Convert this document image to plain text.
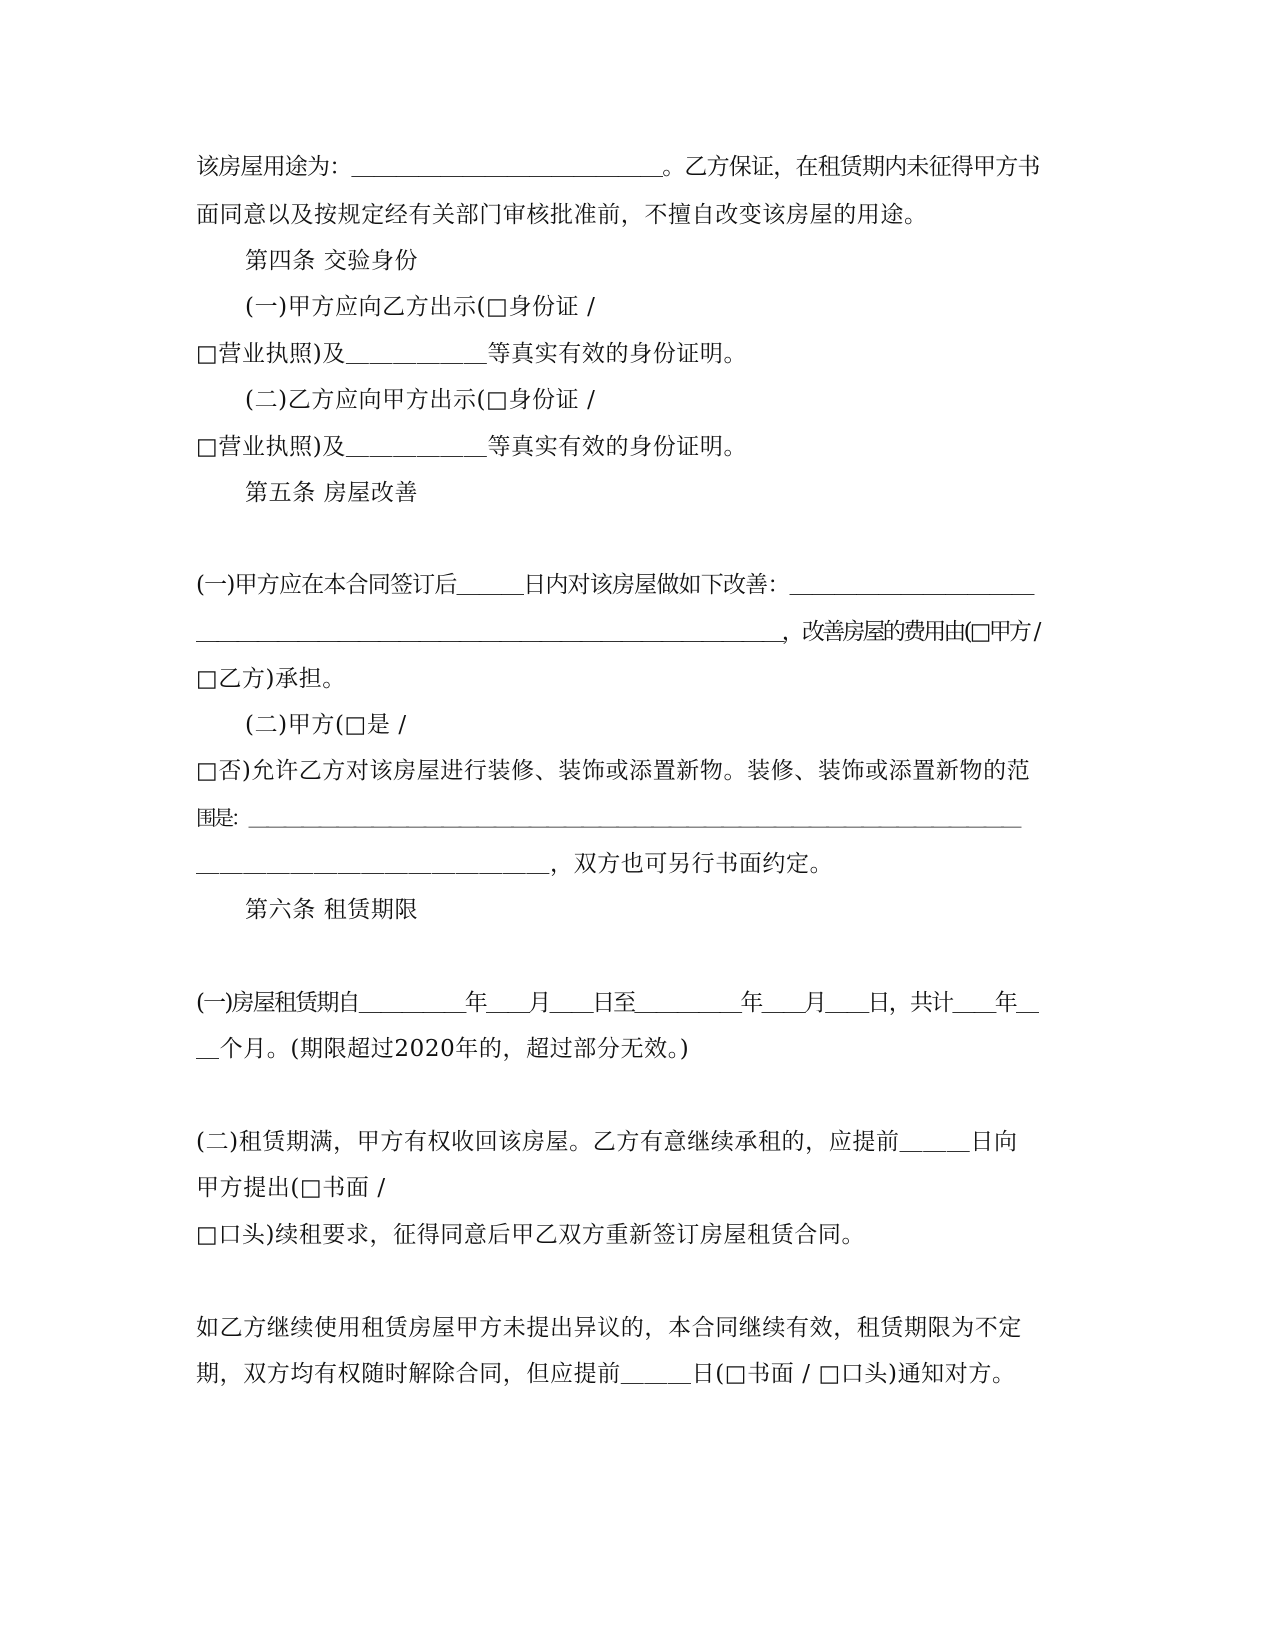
该房屋用途为：＿＿＿＿＿＿＿＿＿＿＿＿＿＿。乙方保证，在租赁期内未征得甲方书
面同意以及按规定经有关部门审核批准前，不擅自改变该房屋的用途。
第四条 交验身份
(一)甲方应向乙方出示(□身份证 /
□营业执照)及＿＿＿＿＿＿等真实有效的身份证明。
(二)乙方应向甲方出示(□身份证 /
□营业执照)及＿＿＿＿＿＿等真实有效的身份证明。
第五条 房屋改善
(一)甲方应在本合同签订后＿＿＿日内对该房屋做如下改善：＿＿＿＿＿＿＿＿＿＿＿
＿＿＿＿＿＿＿＿＿＿＿＿＿＿＿＿＿＿＿＿＿＿＿＿＿＿＿＿＿，改善房屋的费用由(□甲方 /
□乙方)承担。
(二)甲方(□是 /
□否)允许乙方对该房屋进行装修、装饰或添置新物。装修、装饰或添置新物的范
围是：＿＿＿＿＿＿＿＿＿＿＿＿＿＿＿＿＿＿＿＿＿＿＿＿＿＿＿＿＿＿＿＿＿＿＿＿＿＿＿＿＿＿＿＿
＿＿＿＿＿＿＿＿＿＿＿＿＿＿＿，双方也可另行书面约定。
第六条 租赁期限
(一)房屋租赁期自＿＿＿＿＿年＿＿月＿＿日至＿＿＿＿＿年＿＿月＿＿日，共计＿＿年＿
＿个月。(期限超过2020年的，超过部分无效。)
(二)租赁期满，甲方有权收回该房屋。乙方有意继续承租的，应提前＿＿＿日向
甲方提出(□书面 /
□口头)续租要求，征得同意后甲乙双方重新签订房屋租赁合同。
如乙方继续使用租赁房屋甲方未提出异议的，本合同继续有效，租赁期限为不定
期，双方均有权随时解除合同，但应提前＿＿＿日(□书面 / □口头)通知对方。
